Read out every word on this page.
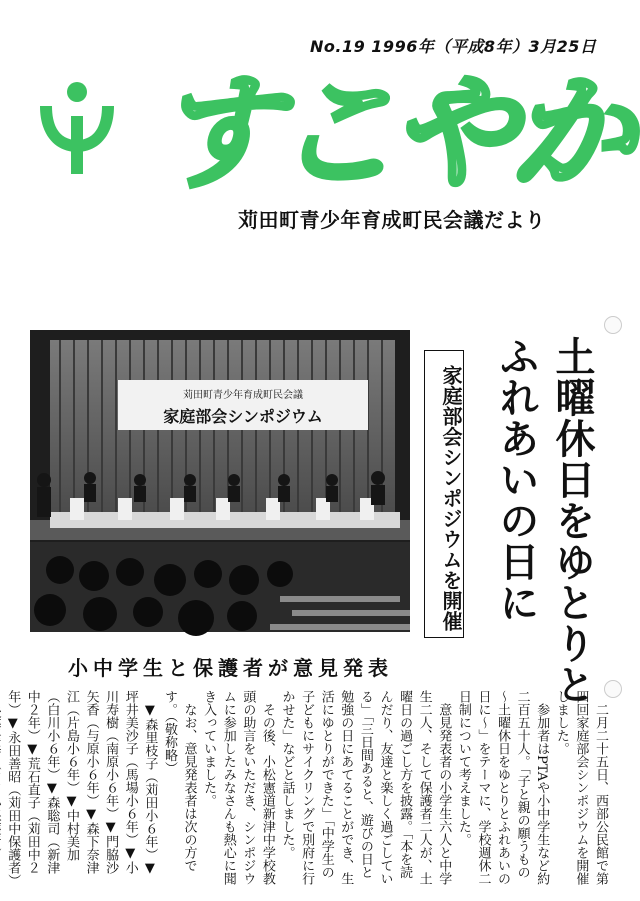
No.19 1996年（平成8年）3月25日
すこやか
苅田町青少年育成町民会議だより
苅田町青少年育成町民会議
家庭部会シンポジウム	家庭部会シンポジウムを開催 土曜休日をゆとりと
ふれあいの日に
小中学生と保護者が意見発表

二月二十五日、西部公民館で第四回家庭部会シンポジウムを開催しました。

参加者はPTAや小中学生など約二百五十人。「子と親の願うもの～土曜休日をゆとりとふれあいの日に～」をテーマに、学校週休二日制について考えました。

意見発表者の小学生六人と中学生二人、そして保護者二人が、土曜日の過ごし方を披露。「本を読んだり、友達と楽しく過ごしている」「三日間あると、遊びの日と勉強の日にあてることができ、生活にゆとりができた」「中学生の子どもにサイクリングで別府に行かせた」などと話しました。

その後、小松憲道新津中学校教頭の助言をいただき、シンポジウムに参加したみなさんも熱心に聞き入っていました。

なお、意見発表者は次の方です。（敬称略）

▼森里枝子（苅田小６年）▼坪井美沙子（馬場小６年）▼小川寿樹（南原小６年）▼門脇沙矢香（与原小６年）▼森下奈津江（片島小６年）▼中村美加（白川小６年）▼森聡司（新津中２年）▼荒石直子（苅田中２年）▼永田善昭（苅田中保護者）
